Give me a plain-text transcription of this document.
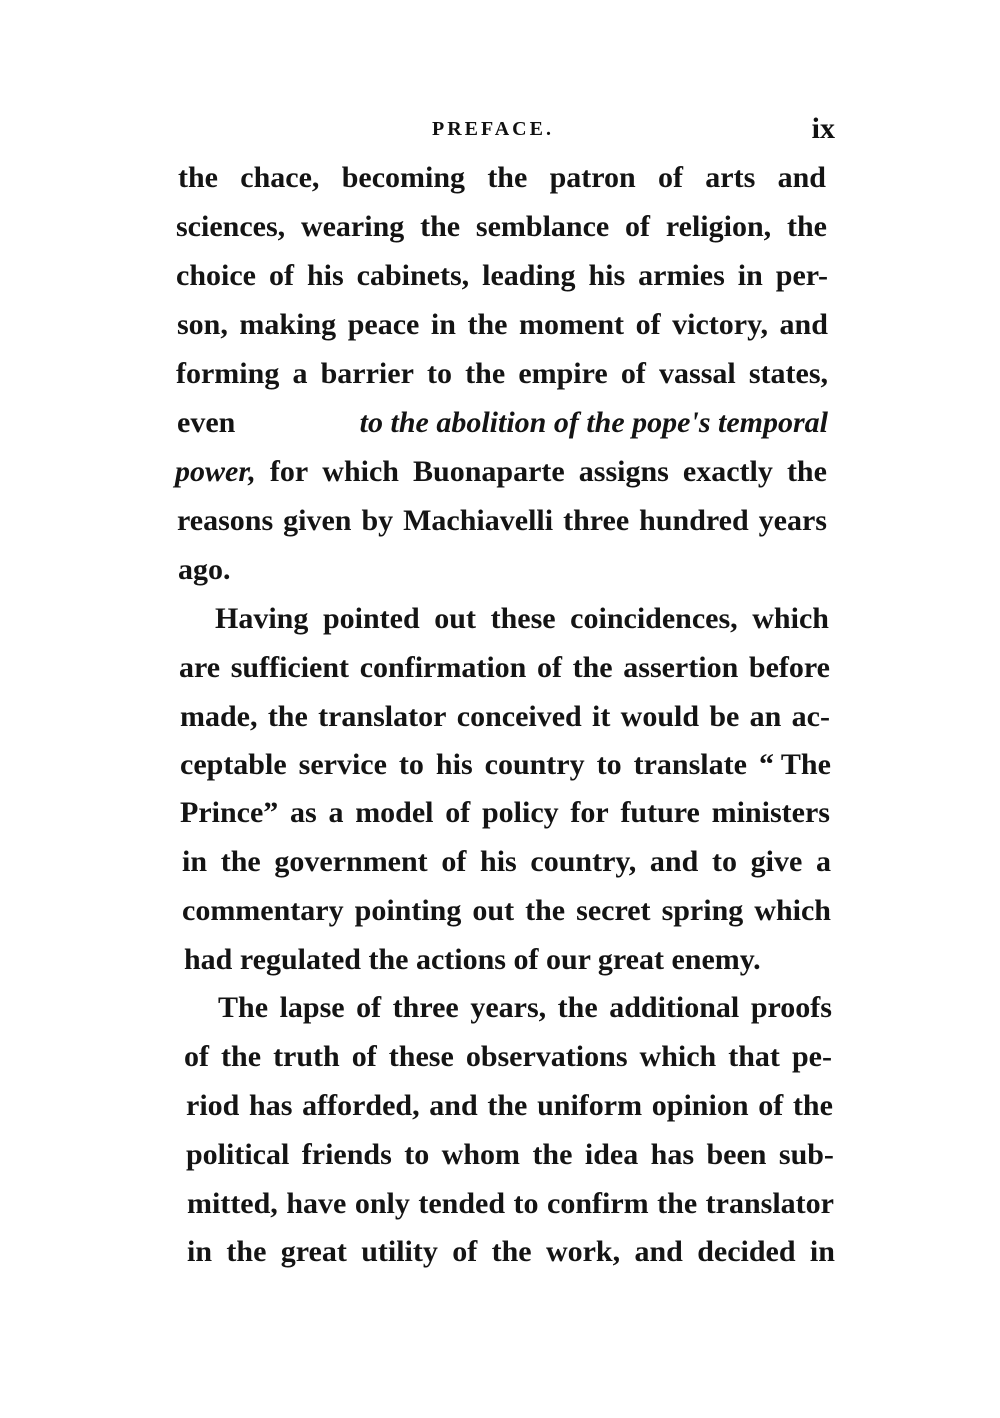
PREFACE.	ix
the chace, becoming the patron of arts and
sciences, wearing the semblance of religion, the
choice of his cabinets, leading his armies in per-
son, making peace in the moment of victory, and
forming a barrier to the empire of vassal states,
even	to the abolition of the pope's temporal
power, for which Buonaparte assigns exactly the
reasons given by Machiavelli three hundred years
ago.
Having pointed out these coincidences, which
are sufficient confirmation of the assertion before
made, the translator conceived it would be an ac-
ceptable service to his country to translate “ The
Prince” as a model of policy for future ministers
in the government of his country, and to give a
commentary pointing out the secret spring which
had regulated the actions of our great enemy.
The lapse of three years, the additional proofs
of the truth of these observations which that pe-
riod has afforded, and the uniform opinion of the
political friends to whom the idea has been sub-
mitted, have only tended to confirm the translator
in the great utility of the work, and decided in
